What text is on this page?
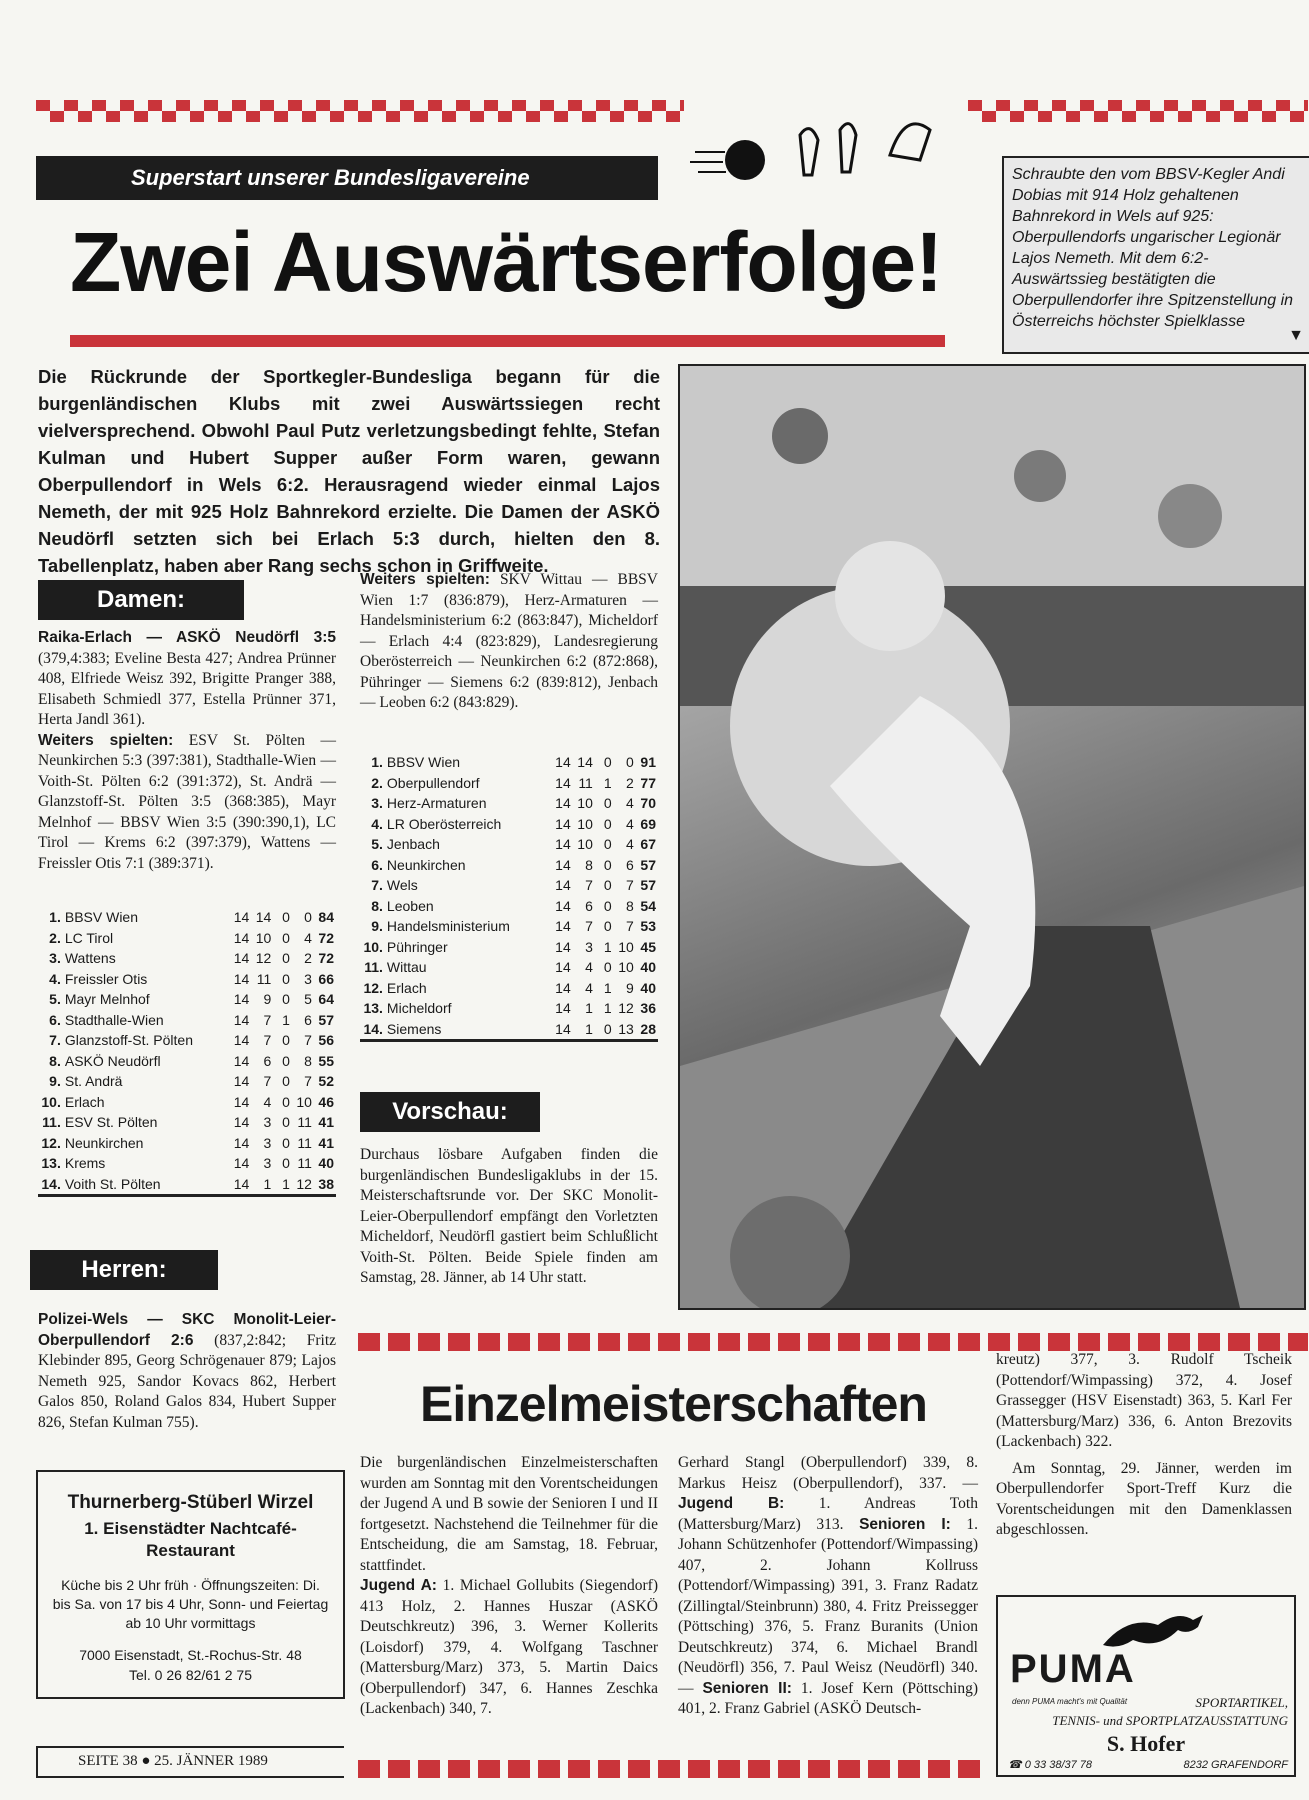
Superstart unserer Bundesligavereine
Zwei Auswärtserfolge!
Schraubte den vom BBSV-Kegler Andi Dobias mit 914 Holz gehaltenen Bahnrekord in Wels auf 925: Oberpullendorfs ungarischer Legionär Lajos Nemeth. Mit dem 6:2-Auswärtssieg bestätigten die Oberpullendorfer ihre Spitzenstellung in Österreichs höchster Spielklasse
▼
Die Rückrunde der Sportkegler-Bundesliga begann für die burgenländischen Klubs mit zwei Auswärtssiegen recht vielversprechend. Obwohl Paul Putz verletzungsbedingt fehlte, Stefan Kulman und Hubert Supper außer Form waren, gewann Oberpullendorf in Wels 6:2. Herausragend wieder einmal Lajos Nemeth, der mit 925 Holz Bahnrekord erzielte. Die Damen der ASKÖ Neudörfl setzten sich bei Erlach 5:3 durch, hielten den 8. Tabellenplatz, haben aber Rang sechs schon in Griffweite.
Damen:
Raika-Erlach — ASKÖ Neudörfl 3:5 (379,4:383; Eveline Besta 427; Andrea Prünner 408, Elfriede Weisz 392, Brigitte Pranger 388, Elisabeth Schmiedl 377, Estella Prünner 371, Herta Jandl 361).
Weiters spielten: ESV St. Pölten — Neunkirchen 5:3 (397:381), Stadthalle-Wien — Voith-St. Pölten 6:2 (391:372), St. Andrä — Glanzstoff-St. Pölten 3:5 (368:385), Mayr Melnhof — BBSV Wien 3:5 (390:390,1), LC Tirol — Krems 6:2 (397:379), Wattens — Freissler Otis 7:1 (389:371).
1.	BBSV Wien	14	14	0	0	84
2.	LC Tirol	14	10	0	4	72
3.	Wattens	14	12	0	2	72
4.	Freissler Otis	14	11	0	3	66
5.	Mayr Melnhof	14	9	0	5	64
6.	Stadthalle-Wien	14	7	1	6	57
7.	Glanzstoff-St. Pölten	14	7	0	7	56
8.	ASKÖ Neudörfl	14	6	0	8	55
9.	St. Andrä	14	7	0	7	52
10.	Erlach	14	4	0	10	46
11.	ESV St. Pölten	14	3	0	11	41
12.	Neunkirchen	14	3	0	11	41
13.	Krems	14	3	0	11	40
14.	Voith St. Pölten	14	1	1	12	38
Herren:
Polizei-Wels — SKC Monolit-Leier-Oberpullendorf 2:6 (837,2:842; Fritz Klebinder 895, Georg Schrögenauer 879; Lajos Nemeth 925, Sandor Kovacs 862, Herbert Galos 850, Roland Galos 834, Hubert Supper 826, Stefan Kulman 755).
Weiters spielten: SKV Wittau — BBSV Wien 1:7 (836:879), Herz-Armaturen — Handelsministerium 6:2 (863:847), Micheldorf — Erlach 4:4 (823:829), Landesregierung Oberösterreich — Neunkirchen 6:2 (872:868), Pühringer — Siemens 6:2 (839:812), Jenbach — Leoben 6:2 (843:829).
1.	BBSV Wien	14	14	0	0	91
2.	Oberpullendorf	14	11	1	2	77
3.	Herz-Armaturen	14	10	0	4	70
4.	LR Oberösterreich	14	10	0	4	69
5.	Jenbach	14	10	0	4	67
6.	Neunkirchen	14	8	0	6	57
7.	Wels	14	7	0	7	57
8.	Leoben	14	6	0	8	54
9.	Handelsministerium	14	7	0	7	53
10.	Pühringer	14	3	1	10	45
11.	Wittau	14	4	0	10	40
12.	Erlach	14	4	1	9	40
13.	Micheldorf	14	1	1	12	36
14.	Siemens	14	1	0	13	28
Vorschau:
Durchaus lösbare Aufgaben finden die burgenländischen Bundesligaklubs in der 15. Meisterschaftsrunde vor. Der SKC Monolit-Leier-Oberpullendorf empfängt den Vorletzten Micheldorf, Neudörfl gastiert beim Schlußlicht Voith-St. Pölten. Beide Spiele finden am Samstag, 28. Jänner, ab 14 Uhr statt.
Thurnerberg-Stüberl Wirzel
1. Eisenstädter Nachtcafé-Restaurant
Küche bis 2 Uhr früh · Öffnungszeiten: Di. bis Sa. von 17 bis 4 Uhr, Sonn- und Feiertag ab 10 Uhr vormittags
7000 Eisenstadt, St.-Rochus-Str. 48
Tel. 0 26 82/61 2 75
SEITE 38 ● 25. JÄNNER 1989
Einzelmeisterschaften
Die burgenländischen Einzelmeisterschaften wurden am Sonntag mit den Vorentscheidungen der Jugend A und B sowie der Senioren I und II fortgesetzt. Nachstehend die Teilnehmer für die Entscheidung, die am Samstag, 18. Februar, stattfindet.
Jugend A: 1. Michael Gollubits (Siegendorf) 413 Holz, 2. Hannes Huszar (ASKÖ Deutschkreutz) 396, 3. Werner Kollerits (Loisdorf) 379, 4. Wolfgang Taschner (Mattersburg/Marz) 373, 5. Martin Daics (Oberpullendorf) 347, 6. Hannes Zeschka (Lackenbach) 340, 7.
Gerhard Stangl (Oberpullendorf) 339, 8. Markus Heisz (Oberpullendorf), 337. — Jugend B: 1. Andreas Toth (Mattersburg/Marz) 313. Senioren I: 1. Johann Schützenhofer (Pottendorf/Wimpassing) 407, 2. Johann Kollruss (Pottendorf/Wimpassing) 391, 3. Franz Radatz (Zillingtal/Steinbrunn) 380, 4. Fritz Preissegger (Pöttsching) 376, 5. Franz Buranits (Union Deutschkreutz) 374, 6. Michael Brandl (Neudörfl) 356, 7. Paul Weisz (Neudörfl) 340. — Senioren II: 1. Josef Kern (Pöttsching) 401, 2. Franz Gabriel (ASKÖ Deutsch-
kreutz) 377, 3. Rudolf Tscheik (Pottendorf/Wimpassing) 372, 4. Josef Grassegger (HSV Eisenstadt) 363, 5. Karl Fer (Mattersburg/Marz) 336, 6. Anton Brezovits (Lackenbach) 322.

Am Sonntag, 29. Jänner, werden im Oberpullendorfer Sport-Treff Kurz die Vorentscheidungen mit den Damenklassen abgeschlossen.

PUMA
denn PUMA macht's mit Qualität	SPORTARTIKEL,
TENNIS- und SPORTPLATZAUSSTATTUNG
S. Hofer
☎ 0 33 38/37 78	8232 GRAFENDORF
